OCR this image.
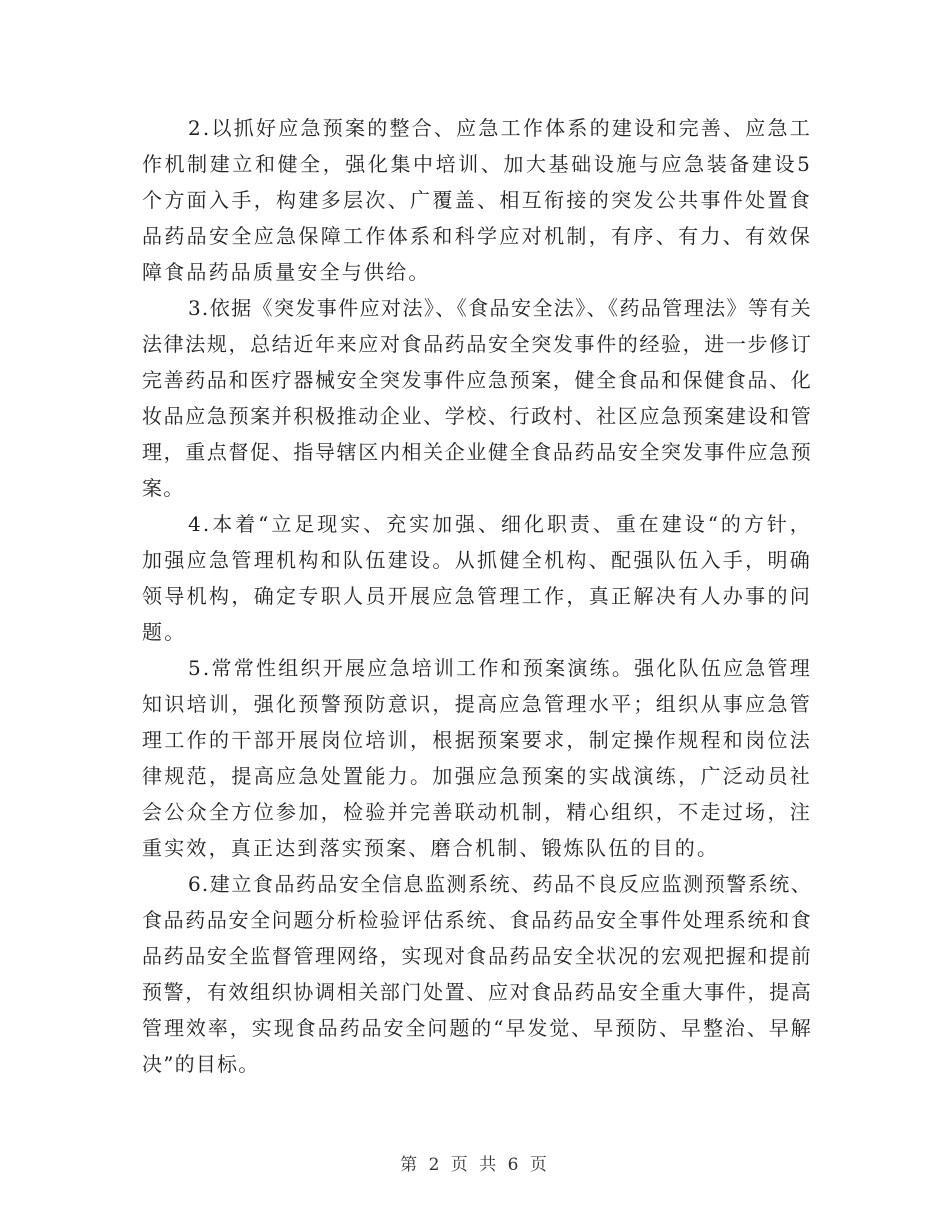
2.以抓好应急预案的整合、应急工作体系的建设和完善、应急工作机制建立和健全，强化集中培训、加大基础设施与应急装备建设5个方面入手，构建多层次、广覆盖、相互衔接的突发公共事件处置食品药品安全应急保障工作体系和科学应对机制，有序、有力、有效保障食品药品质量安全与供给。

3.依据《突发事件应对法》、《食品安全法》、《药品管理法》等有关法律法规，总结近年来应对食品药品安全突发事件的经验，进一步修订完善药品和医疗器械安全突发事件应急预案，健全食品和保健食品、化妆品应急预案并积极推动企业、学校、行政村、社区应急预案建设和管理，重点督促、指导辖区内相关企业健全食品药品安全突发事件应急预案。

4.本着“立足现实、充实加强、细化职责、重在建设“的方针，加强应急管理机构和队伍建设。从抓健全机构、配强队伍入手，明确领导机构，确定专职人员开展应急管理工作，真正解决有人办事的问题。

5.常常性组织开展应急培训工作和预案演练。强化队伍应急管理知识培训，强化预警预防意识，提高应急管理水平；组织从事应急管理工作的干部开展岗位培训，根据预案要求，制定操作规程和岗位法律规范，提高应急处置能力。加强应急预案的实战演练，广泛动员社会公众全方位参加，检验并完善联动机制，精心组织，不走过场，注重实效，真正达到落实预案、磨合机制、锻炼队伍的目的。

6.建立食品药品安全信息监测系统、药品不良反应监测预警系统、食品药品安全问题分析检验评估系统、食品药品安全事件处理系统和食品药品安全监督管理网络，实现对食品药品安全状况的宏观把握和提前预警，有效组织协调相关部门处置、应对食品药品安全重大事件，提高管理效率，实现食品药品安全问题的“早发觉、早预防、早整治、早解决”的目标。

第 2 页 共 6 页
